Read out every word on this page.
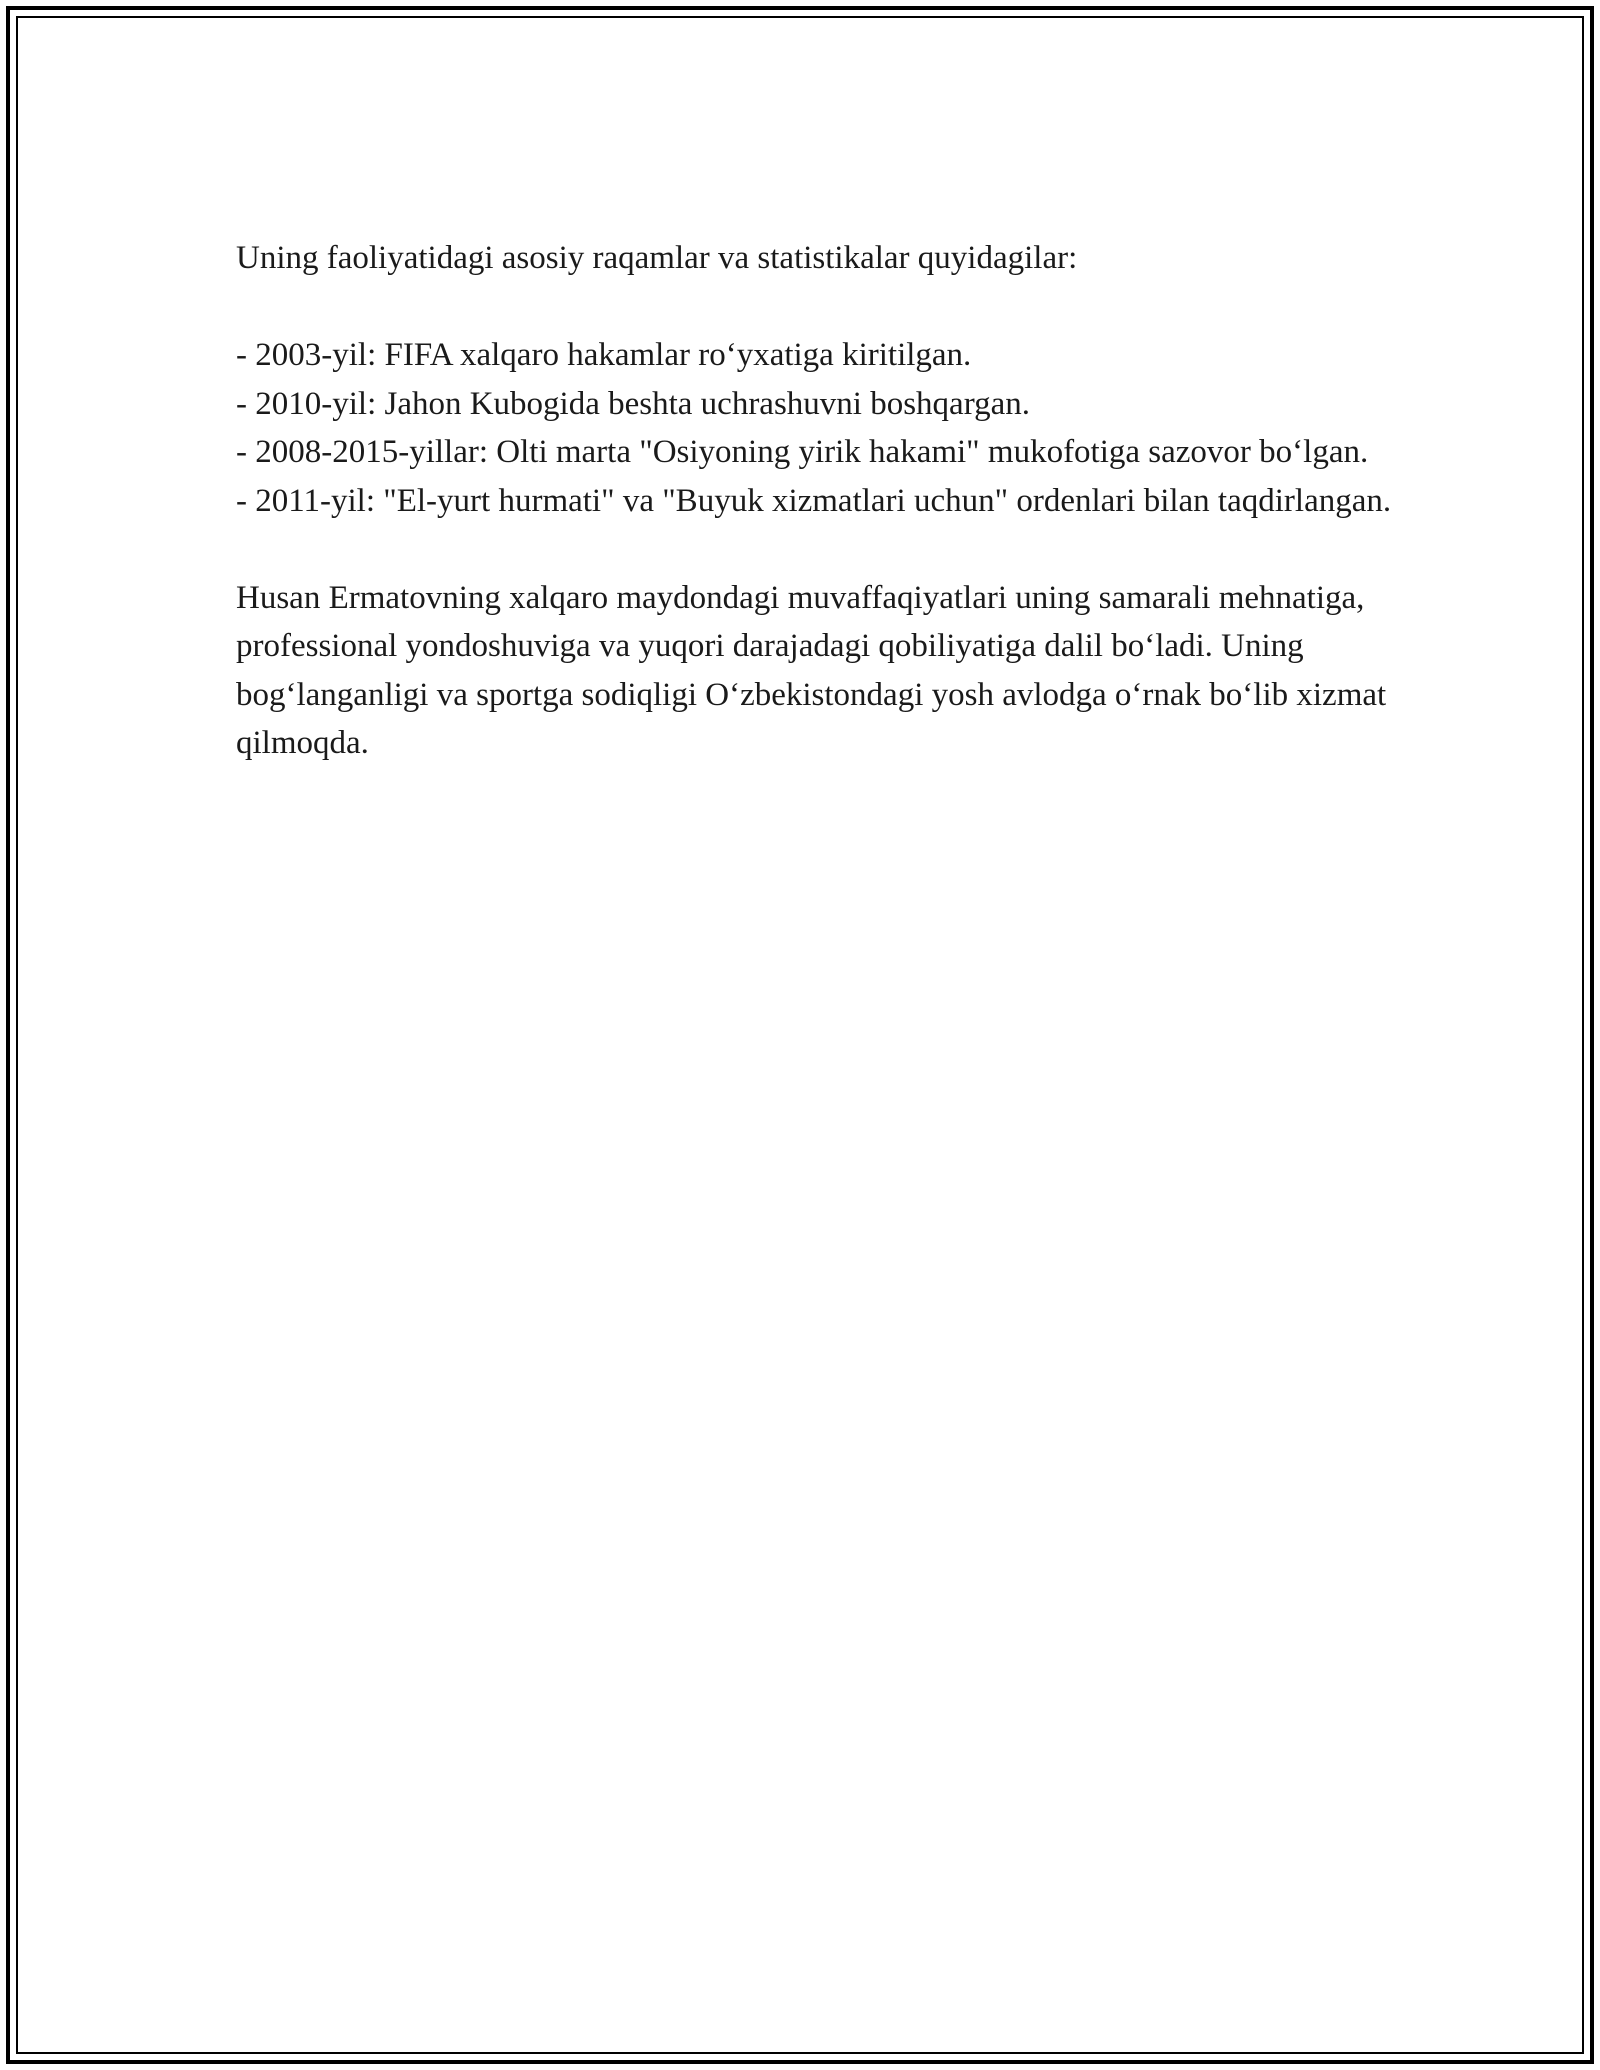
Uning faoliyatidagi asosiy raqamlar va statistikalar quyidagilar:

- 2003-yil: FIFA xalqaro hakamlar ro‘yxatiga kiritilgan.

- 2010-yil: Jahon Kubogida beshta uchrashuvni boshqargan.

- 2008-2015-yillar: Olti marta "Osiyoning yirik hakami" mukofotiga sazovor bo‘lgan.

- 2011-yil: "El-yurt hurmati" va "Buyuk xizmatlari uchun" ordenlari bilan taqdirlangan.

Husan Ermatovning xalqaro maydondagi muvaffaqiyatlari uning samarali mehnatiga, professional yondoshuviga va yuqori darajadagi qobiliyatiga dalil bo‘ladi. Uning bog‘langanligi va sportga sodiqligi O‘zbekistondagi yosh avlodga o‘rnak bo‘lib xizmat qilmoqda.
